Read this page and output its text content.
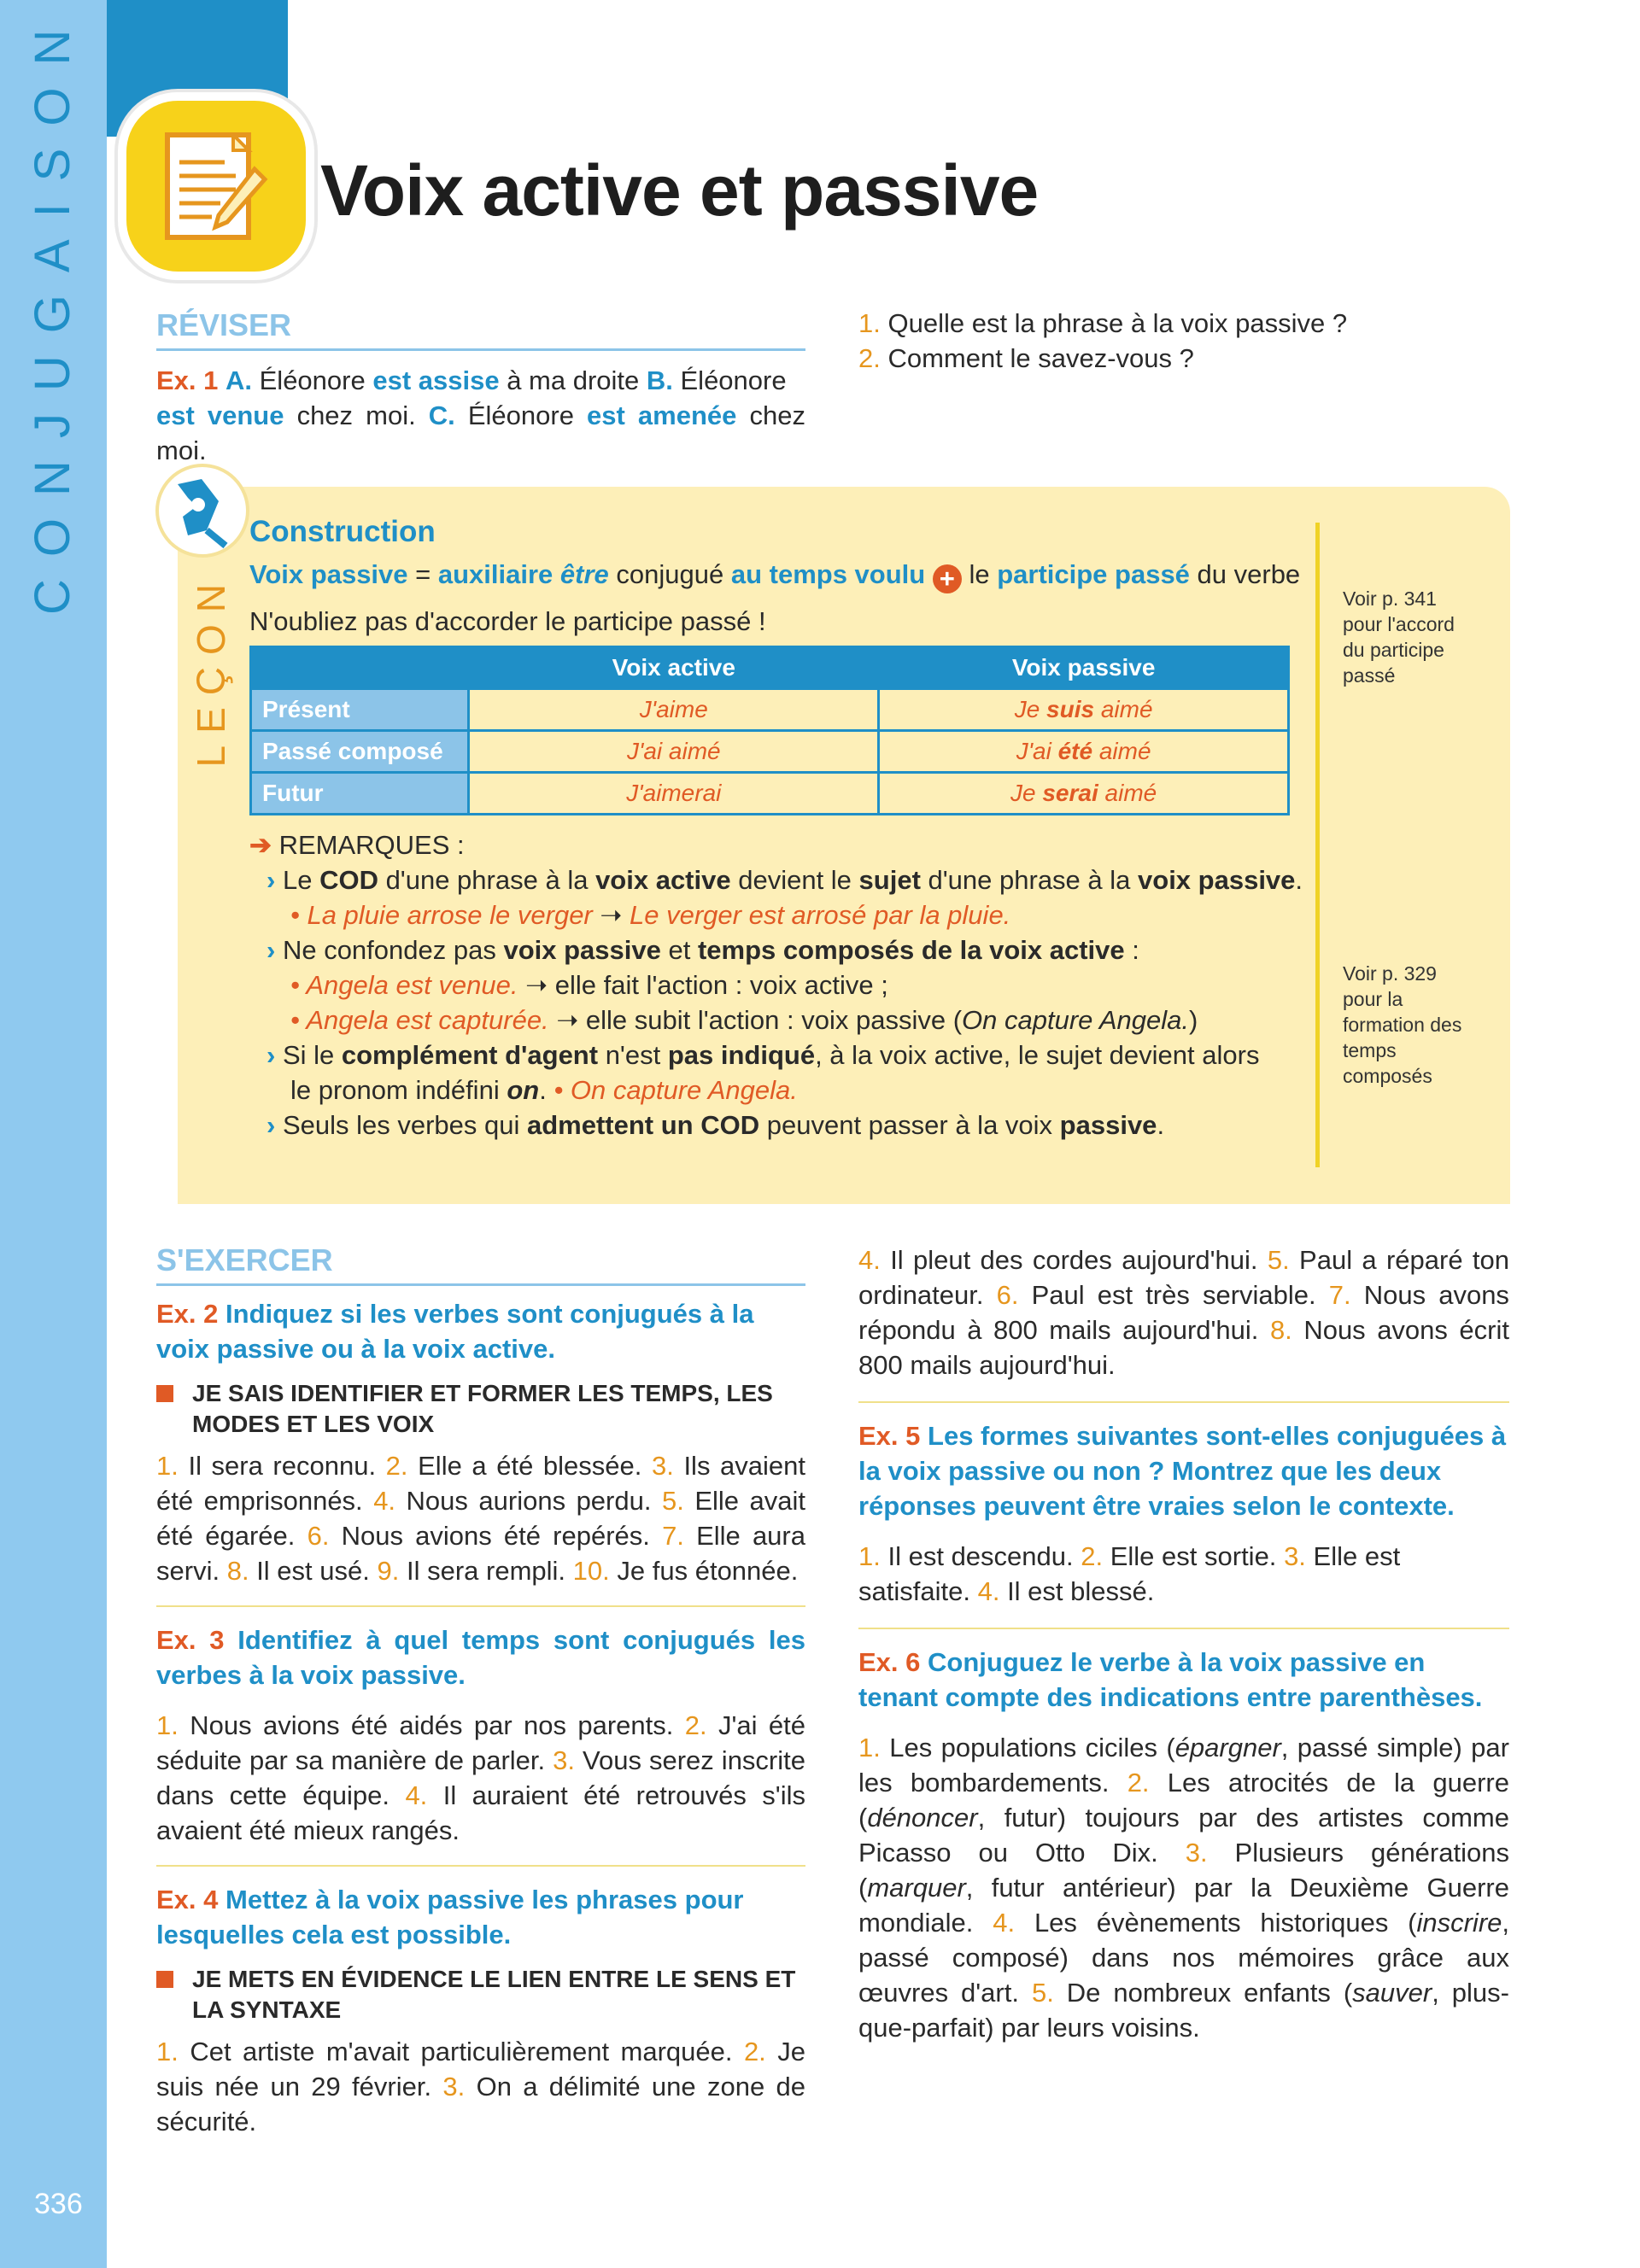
CONJUGAISON
336
Voix active et passive
RÉVISER
Ex. 1 A. Éléonore est assise à ma droite B. Éléonore
est venue chez moi. C. Éléonore est amenée chez moi.
1. Quelle est la phrase à la voix passive ?
2. Comment le savez-vous ?
LEÇON
Construction
Voix passive = auxiliaire être conjugué au temps voulu + le participe passé du verbe
N'oubliez pas d'accorder le participe passé !
	Voix active	Voix passive
Présent	J'aime	Je suis aimé
Passé composé	J'ai aimé	J'ai été aimé
Futur	J'aimerai	Je serai aimé
➔ REMARQUES :
› Le COD d'une phrase à la voix active devient le sujet d'une phrase à la voix passive.
• La pluie arrose le verger ➝ Le verger est arrosé par la pluie.
› Ne confondez pas voix passive et temps composés de la voix active :
• Angela est venue. ➝ elle fait l'action : voix active ;
• Angela est capturée. ➝ elle subit l'action : voix passive (On capture Angela.)
› Si le complément d'agent n'est pas indiqué, à la voix active, le sujet devient alors
le pronom indéfini on. • On capture Angela.
› Seuls les verbes qui admettent un COD peuvent passer à la voix passive.
Voir p. 341 pour l'accord du participe passé
Voir p. 329 pour la formation des temps composés
S'EXERCER
Ex. 2 Indiquez si les verbes sont conjugués à la voix passive ou à la voix active.
JE SAIS IDENTIFIER ET FORMER LES TEMPS, LES MODES ET LES VOIX
1. Il sera reconnu. 2. Elle a été blessée. 3. Ils avaient été emprisonnés. 4. Nous aurions perdu. 5. Elle avait été égarée. 6. Nous avions été repérés. 7. Elle aura servi. 8. Il est usé. 9. Il sera rempli. 10. Je fus étonnée.
Ex. 3 Identifiez à quel temps sont conjugués les verbes à la voix passive.
1. Nous avions été aidés par nos parents. 2. J'ai été séduite par sa manière de parler. 3. Vous serez inscrite dans cette équipe. 4. Il auraient été retrouvés s'ils avaient été mieux rangés.
Ex. 4 Mettez à la voix passive les phrases pour lesquelles cela est possible.
JE METS EN ÉVIDENCE LE LIEN ENTRE LE SENS ET LA SYNTAXE
1. Cet artiste m'avait particulièrement marquée. 2. Je suis née un 29 février. 3. On a délimité une zone de sécurité.
4. Il pleut des cordes aujourd'hui. 5. Paul a réparé ton ordinateur. 6. Paul est très serviable. 7. Nous avons répondu à 800 mails aujourd'hui. 8. Nous avons écrit 800 mails aujourd'hui.
Ex. 5 Les formes suivantes sont-elles conjuguées à la voix passive ou non ? Montrez que les deux réponses peuvent être vraies selon le contexte.
1. Il est descendu. 2. Elle est sortie. 3. Elle est satisfaite. 4. Il est blessé.
Ex. 6 Conjuguez le verbe à la voix passive en tenant compte des indications entre parenthèses.
1. Les populations ciciles (épargner, passé simple) par les bombardements. 2. Les atrocités de la guerre (dénoncer, futur) toujours par des artistes comme Picasso ou Otto Dix. 3. Plusieurs générations (marquer, futur antérieur) par la Deuxième Guerre mondiale. 4. Les évènements historiques (inscrire, passé composé) dans nos mémoires grâce aux œuvres d'art. 5. De nombreux enfants (sauver, plus-que-parfait) par leurs voisins.
